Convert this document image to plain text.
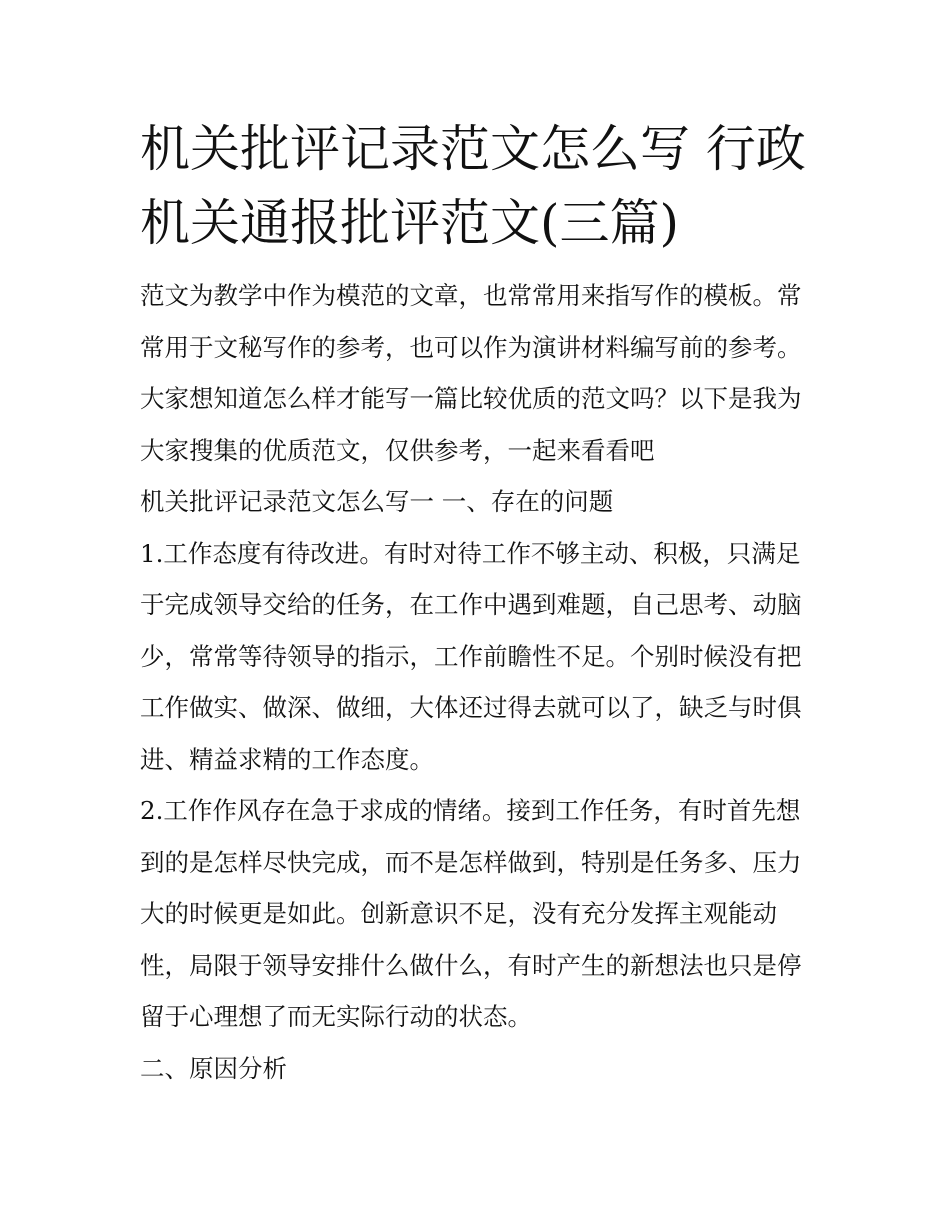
机关批评记录范文怎么写 行政
机关通报批评范文(三篇)
范文为教学中作为模范的文章，也常常用来指写作的模板。常
常用于文秘写作的参考，也可以作为演讲材料编写前的参考。
大家想知道怎么样才能写一篇比较优质的范文吗？以下是我为
大家搜集的优质范文，仅供参考，一起来看看吧
机关批评记录范文怎么写一 一、存在的问题
1.工作态度有待改进。有时对待工作不够主动、积极，只满足
于完成领导交给的任务，在工作中遇到难题，自己思考、动脑
少，常常等待领导的指示，工作前瞻性不足。个别时候没有把
工作做实、做深、做细，大体还过得去就可以了，缺乏与时俱
进、精益求精的工作态度。
2.工作作风存在急于求成的情绪。接到工作任务，有时首先想
到的是怎样尽快完成，而不是怎样做到，特别是任务多、压力
大的时候更是如此。创新意识不足，没有充分发挥主观能动
性，局限于领导安排什么做什么，有时产生的新想法也只是停
留于心理想了而无实际行动的状态。
二、原因分析
